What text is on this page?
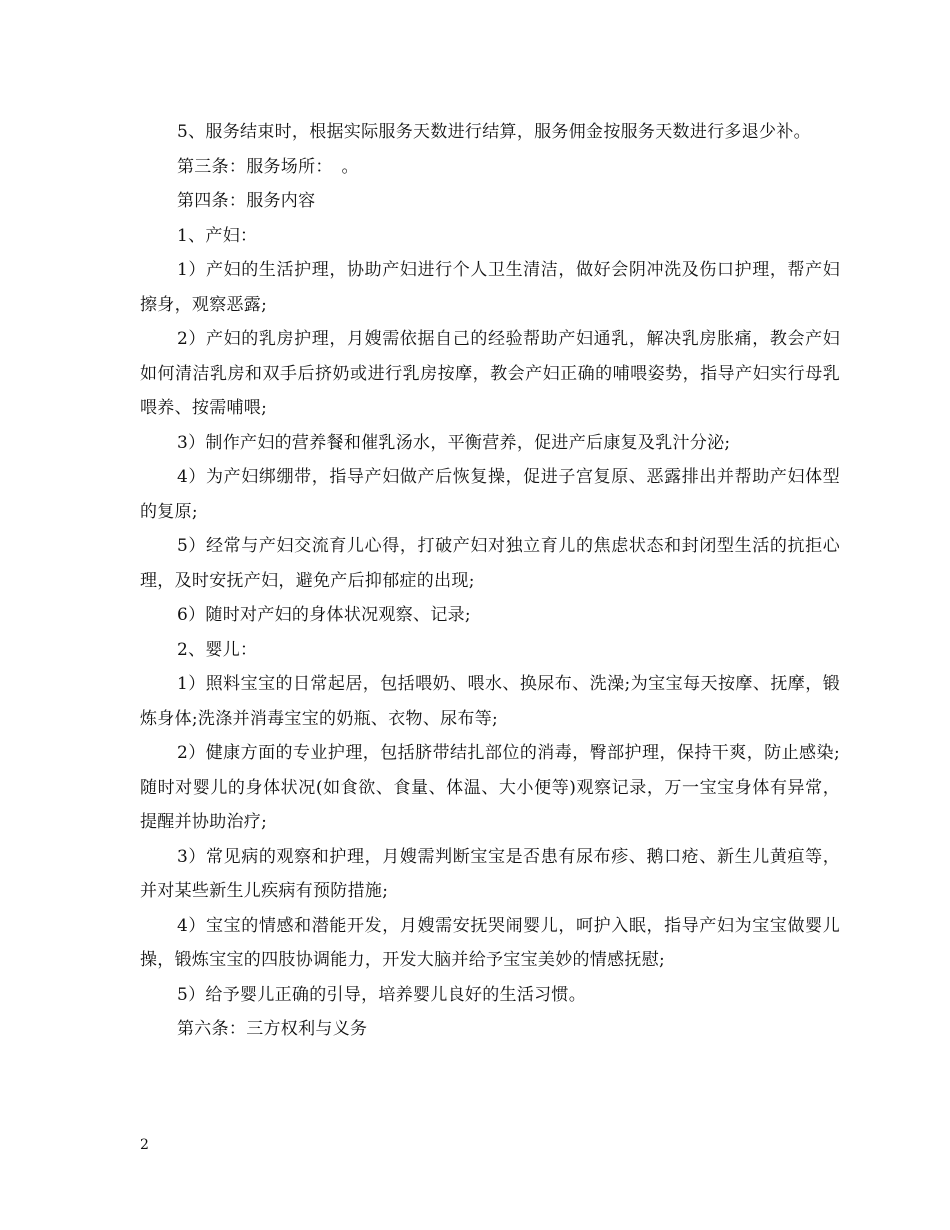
5、服务结束时，根据实际服务天数进行结算，服务佣金按服务天数进行多退少补。

第三条：服务场所：　。

第四条：服务内容

1、产妇：

1）产妇的生活护理，协助产妇进行个人卫生清洁，做好会阴冲洗及伤口护理，帮产妇擦身，观察恶露;

2）产妇的乳房护理，月嫂需依据自己的经验帮助产妇通乳，解决乳房胀痛，教会产妇如何清洁乳房和双手后挤奶或进行乳房按摩，教会产妇正确的哺喂姿势，指导产妇实行母乳喂养、按需哺喂;

3）制作产妇的营养餐和催乳汤水，平衡营养，促进产后康复及乳汁分泌;

4）为产妇绑绷带，指导产妇做产后恢复操，促进子宫复原、恶露排出并帮助产妇体型的复原;

5）经常与产妇交流育儿心得，打破产妇对独立育儿的焦虑状态和封闭型生活的抗拒心理，及时安抚产妇，避免产后抑郁症的出现;

6）随时对产妇的身体状况观察、记录;

2、婴儿：

1）照料宝宝的日常起居，包括喂奶、喂水、换尿布、洗澡;为宝宝每天按摩、抚摩，锻炼身体;洗涤并消毒宝宝的奶瓶、衣物、尿布等;

2）健康方面的专业护理，包括脐带结扎部位的消毒，臀部护理，保持干爽，防止感染;随时对婴儿的身体状况(如食欲、食量、体温、大小便等)观察记录，万一宝宝身体有异常，提醒并协助治疗;

3）常见病的观察和护理，月嫂需判断宝宝是否患有尿布疹、鹅口疮、新生儿黄疸等，并对某些新生儿疾病有预防措施;

4）宝宝的情感和潜能开发，月嫂需安抚哭闹婴儿，呵护入眠，指导产妇为宝宝做婴儿操，锻炼宝宝的四肢协调能力，开发大脑并给予宝宝美妙的情感抚慰;

5）给予婴儿正确的引导，培养婴儿良好的生活习惯。

第六条：三方权利与义务

2
